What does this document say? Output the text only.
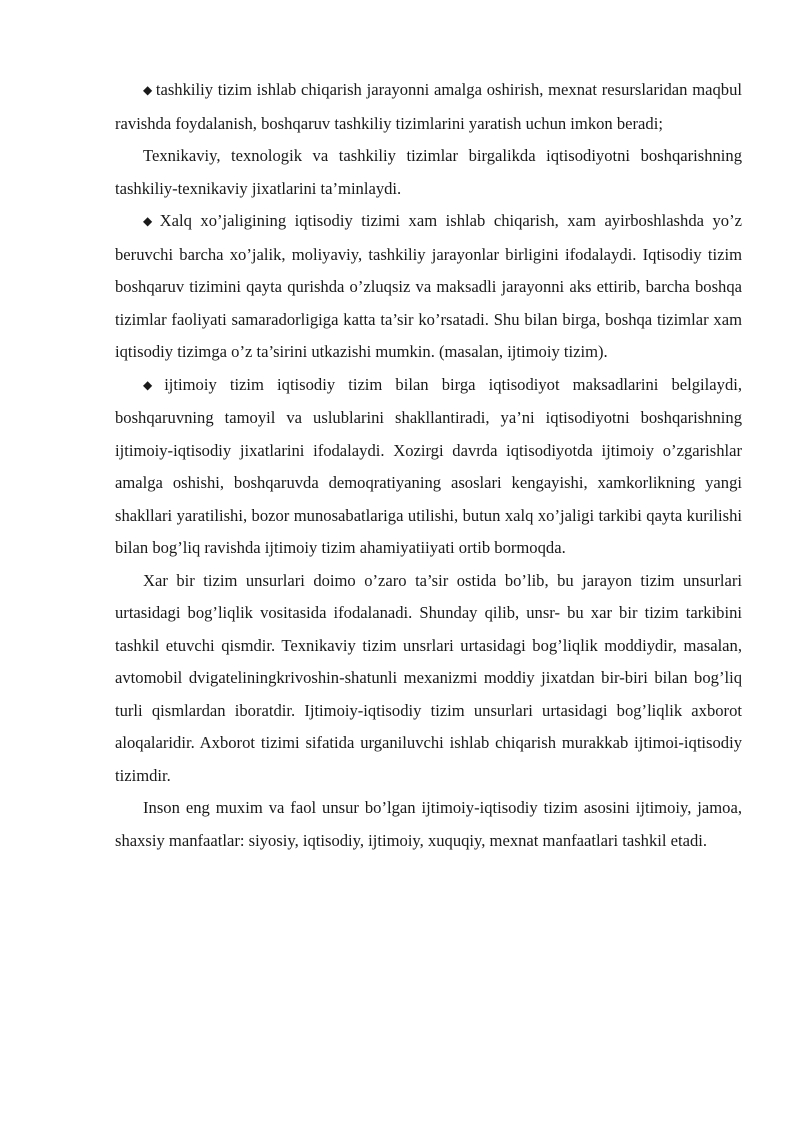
◆ tashkiliy tizim ishlab chiqarish jarayonni amalga oshirish, mexnat resurslaridan maqbul ravishda foydalanish, boshqaruv tashkiliy tizimlarini yaratish uchun imkon beradi;

Texnikaviy, texnologik va tashkiliy tizimlar birgalikda iqtisodiyotni boshqarishning tashkiliy-texnikaviy jixatlarini ta’minlaydi.

◆ Xalq xo’jaligining iqtisodiy tizimi xam ishlab chiqarish, xam ayirboshlashda yo’z beruvchi barcha xo’jalik, moliyaviy, tashkiliy jarayonlar birligini ifodalaydi. Iqtisodiy tizim boshqaruv tizimini qayta qurishda o’zluqsiz va maksadli jarayonni aks ettirib, barcha boshqa tizimlar faoliyati samaradorligiga katta ta’sir ko’rsatadi. Shu bilan birga, boshqa tizimlar xam iqtisodiy tizimga o’z ta’sirini utkazishi mumkin. (masalan, ijtimoiy tizim).

◆ ijtimoiy tizim iqtisodiy tizim bilan birga iqtisodiyot maksadlarini belgilaydi, boshqaruvning tamoyil va uslublarini shakllantiradi, ya’ni iqtisodiyotni boshqarishning ijtimoiy-iqtisodiy jixatlarini ifodalaydi. Xozirgi davrda iqtisodiyotda ijtimoiy o’zgarishlar amalga oshishi, boshqaruvda demoqratiyaning asoslari kengayishi, xamkorlikning yangi shakllari yaratilishi, bozor munosabatlariga utilishi, butun xalq xo’jaligi tarkibi qayta kurilishi bilan bog’liq ravishda ijtimoiy tizim ahamiyatiiyati ortib bormoqda.

Xar bir tizim unsurlari doimo o’zaro ta’sir ostida bo’lib, bu jarayon tizim unsurlari urtasidagi bog’liqlik vositasida ifodalanadi. Shunday qilib, unsr- bu xar bir tizim tarkibini tashkil etuvchi qismdir. Texnikaviy tizim unsrlari urtasidagi bog’liqlik moddiydir, masalan, avtomobil dvigateliningkrivoshin-shatunli mexanizmi moddiy jixatdan bir-biri bilan bog’liq turli qismlardan iboratdir. Ijtimoiy-iqtisodiy tizim unsurlari urtasidagi bog’liqlik axborot aloqalaridir. Axborot tizimi sifatida urganiluvchi ishlab chiqarish murakkab ijtimoi-iqtisodiy tizimdir.

Inson eng muxim va faol unsur bo’lgan ijtimoiy-iqtisodiy tizim asosini ijtimoiy, jamoa, shaxsiy manfaatlar: siyosiy, iqtisodiy, ijtimoiy, xuquqiy, mexnat manfaatlari tashkil etadi.
